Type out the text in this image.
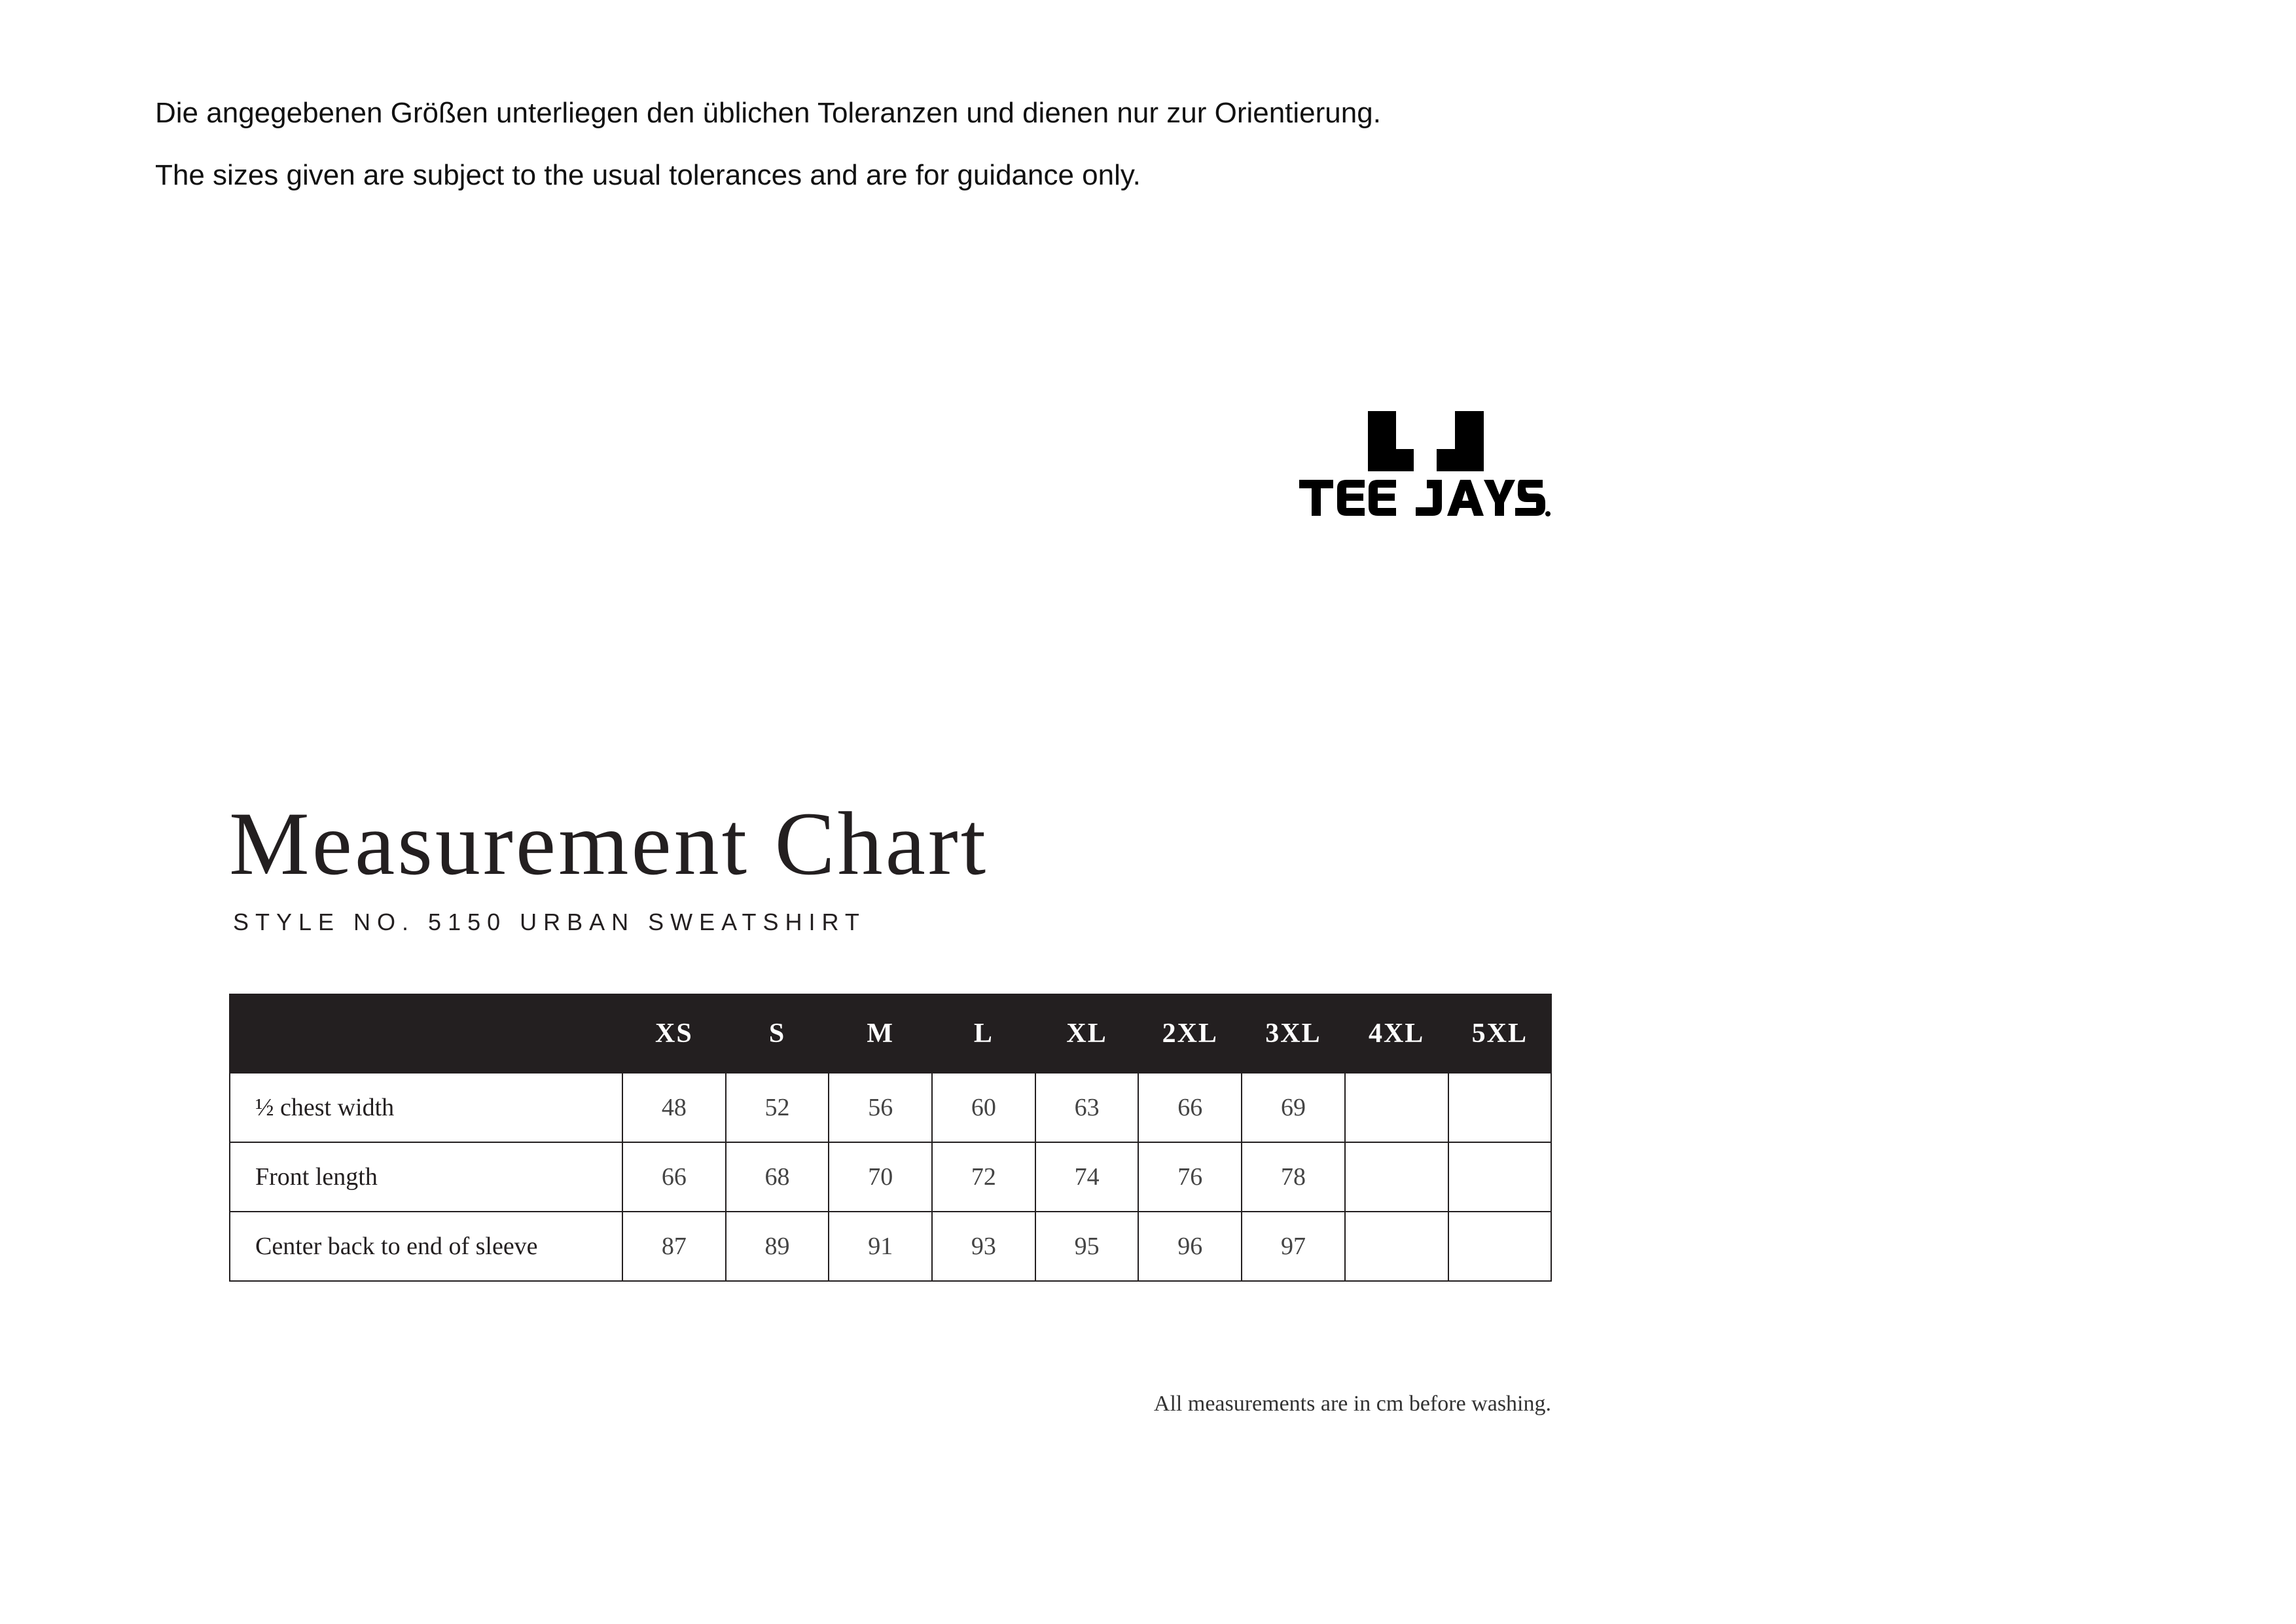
Die angegebenen Größen unterliegen den üblichen Toleranzen und dienen nur zur Orientierung.
The sizes given are subject to the usual tolerances and are for guidance only.
Measurement Chart
STYLE NO. 5150 URBAN SWEATSHIRT
	XS	S	M	L	XL	2XL	3XL	4XL	5XL
½ chest width	48	52	56	60	63	66	69		
Front length	66	68	70	72	74	76	78		
Center back to end of sleeve	87	89	91	93	95	96	97		
All measurements are in cm before washing.
